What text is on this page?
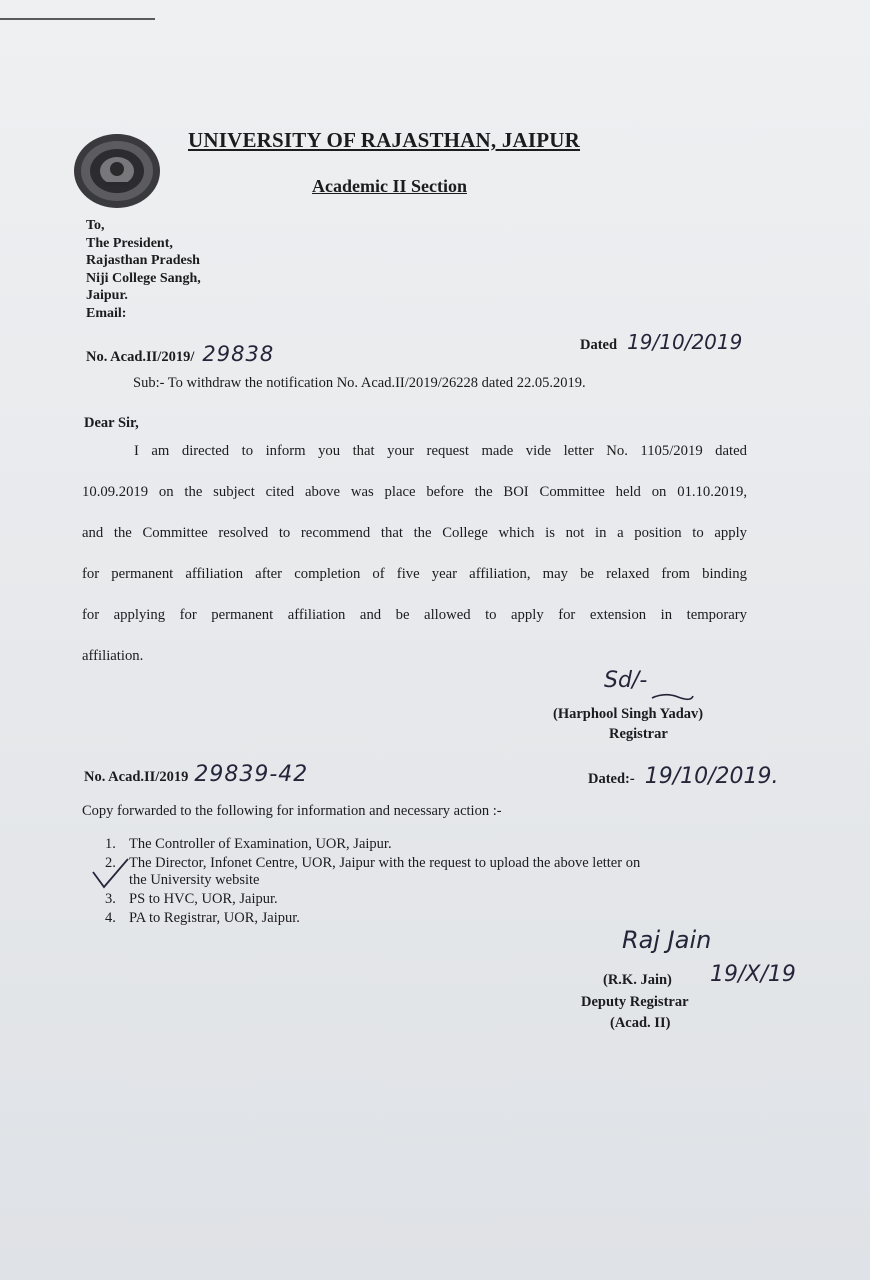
UNIVERSITY OF RAJASTHAN, JAIPUR
Academic II Section
To,
The President,
Rajasthan Pradesh
Niji College Sangh,
Jaipur.
Email:
No. Acad.II/2019/ 29838	Dated 19/10/2019
Sub:- To withdraw the notification No. Acad.II/2019/26228 dated 22.05.2019.
Dear Sir,
I am directed to inform you that your request made vide letter No. 1105/2019 dated
10.09.2019 on the subject cited above was place before the BOI Committee held on 01.10.2019,
and the Committee resolved to recommend that the College which is not in a position to apply
for permanent affiliation after completion of five year affiliation, may be relaxed from binding
for applying for permanent affiliation and be allowed to apply for extension in temporary
affiliation.
Sd/-
(Harphool Singh Yadav)
Registrar
No. Acad.II/2019 29839-42	Dated:- 19/10/2019.
Copy forwarded to the following for information and necessary action :-
1. The Controller of Examination, UOR, Jaipur.
2. The Director, Infonet Centre, UOR, Jaipur with the request to upload the above letter on
the University website
3. PS to HVC, UOR, Jaipur.
4. PA to Registrar, UOR, Jaipur.
Raj Jain
(R.K. Jain) 19/X/19
Deputy Registrar
(Acad. II)
